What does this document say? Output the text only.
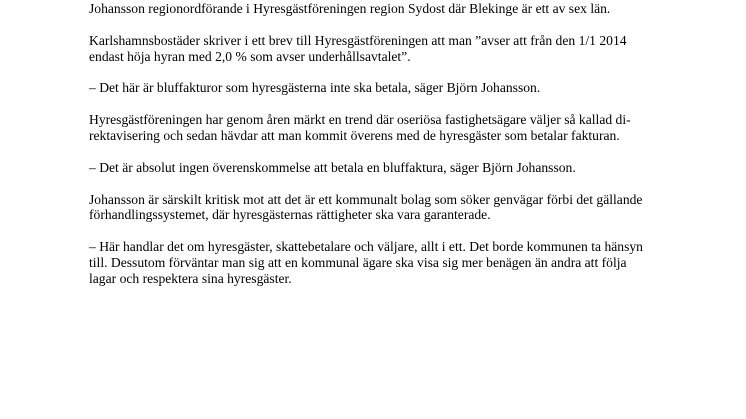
Johansson regionordförande i Hyresgästföreningen region Sydost där Blekinge är ett av sex län.

Karlshamnsbostäder skriver i ett brev till Hyresgästföreningen att man ”avser att från den 1/1 2014
endast höja hyran med 2,0 % som avser underhållsavtalet”.

– Det här är bluffakturor som hyresgästerna inte ska betala, säger Björn Johansson.

Hyresgästföreningen har genom åren märkt en trend där oseriösa fastighetsägare väljer så kallad di-
rektavisering och sedan hävdar att man kommit överens med de hyresgäster som betalar fakturan.

– Det är absolut ingen överenskommelse att betala en bluffaktura, säger Björn Johansson.

Johansson är särskilt kritisk mot att det är ett kommunalt bolag som söker genvägar förbi det gällande
förhandlingssystemet, där hyresgästernas rättigheter ska vara garanterade.

– Här handlar det om hyresgäster, skattebetalare och väljare, allt i ett. Det borde kommunen ta hänsyn
till. Dessutom förväntar man sig att en kommunal ägare ska visa sig mer benägen än andra att följa
lagar och respektera sina hyresgäster.
